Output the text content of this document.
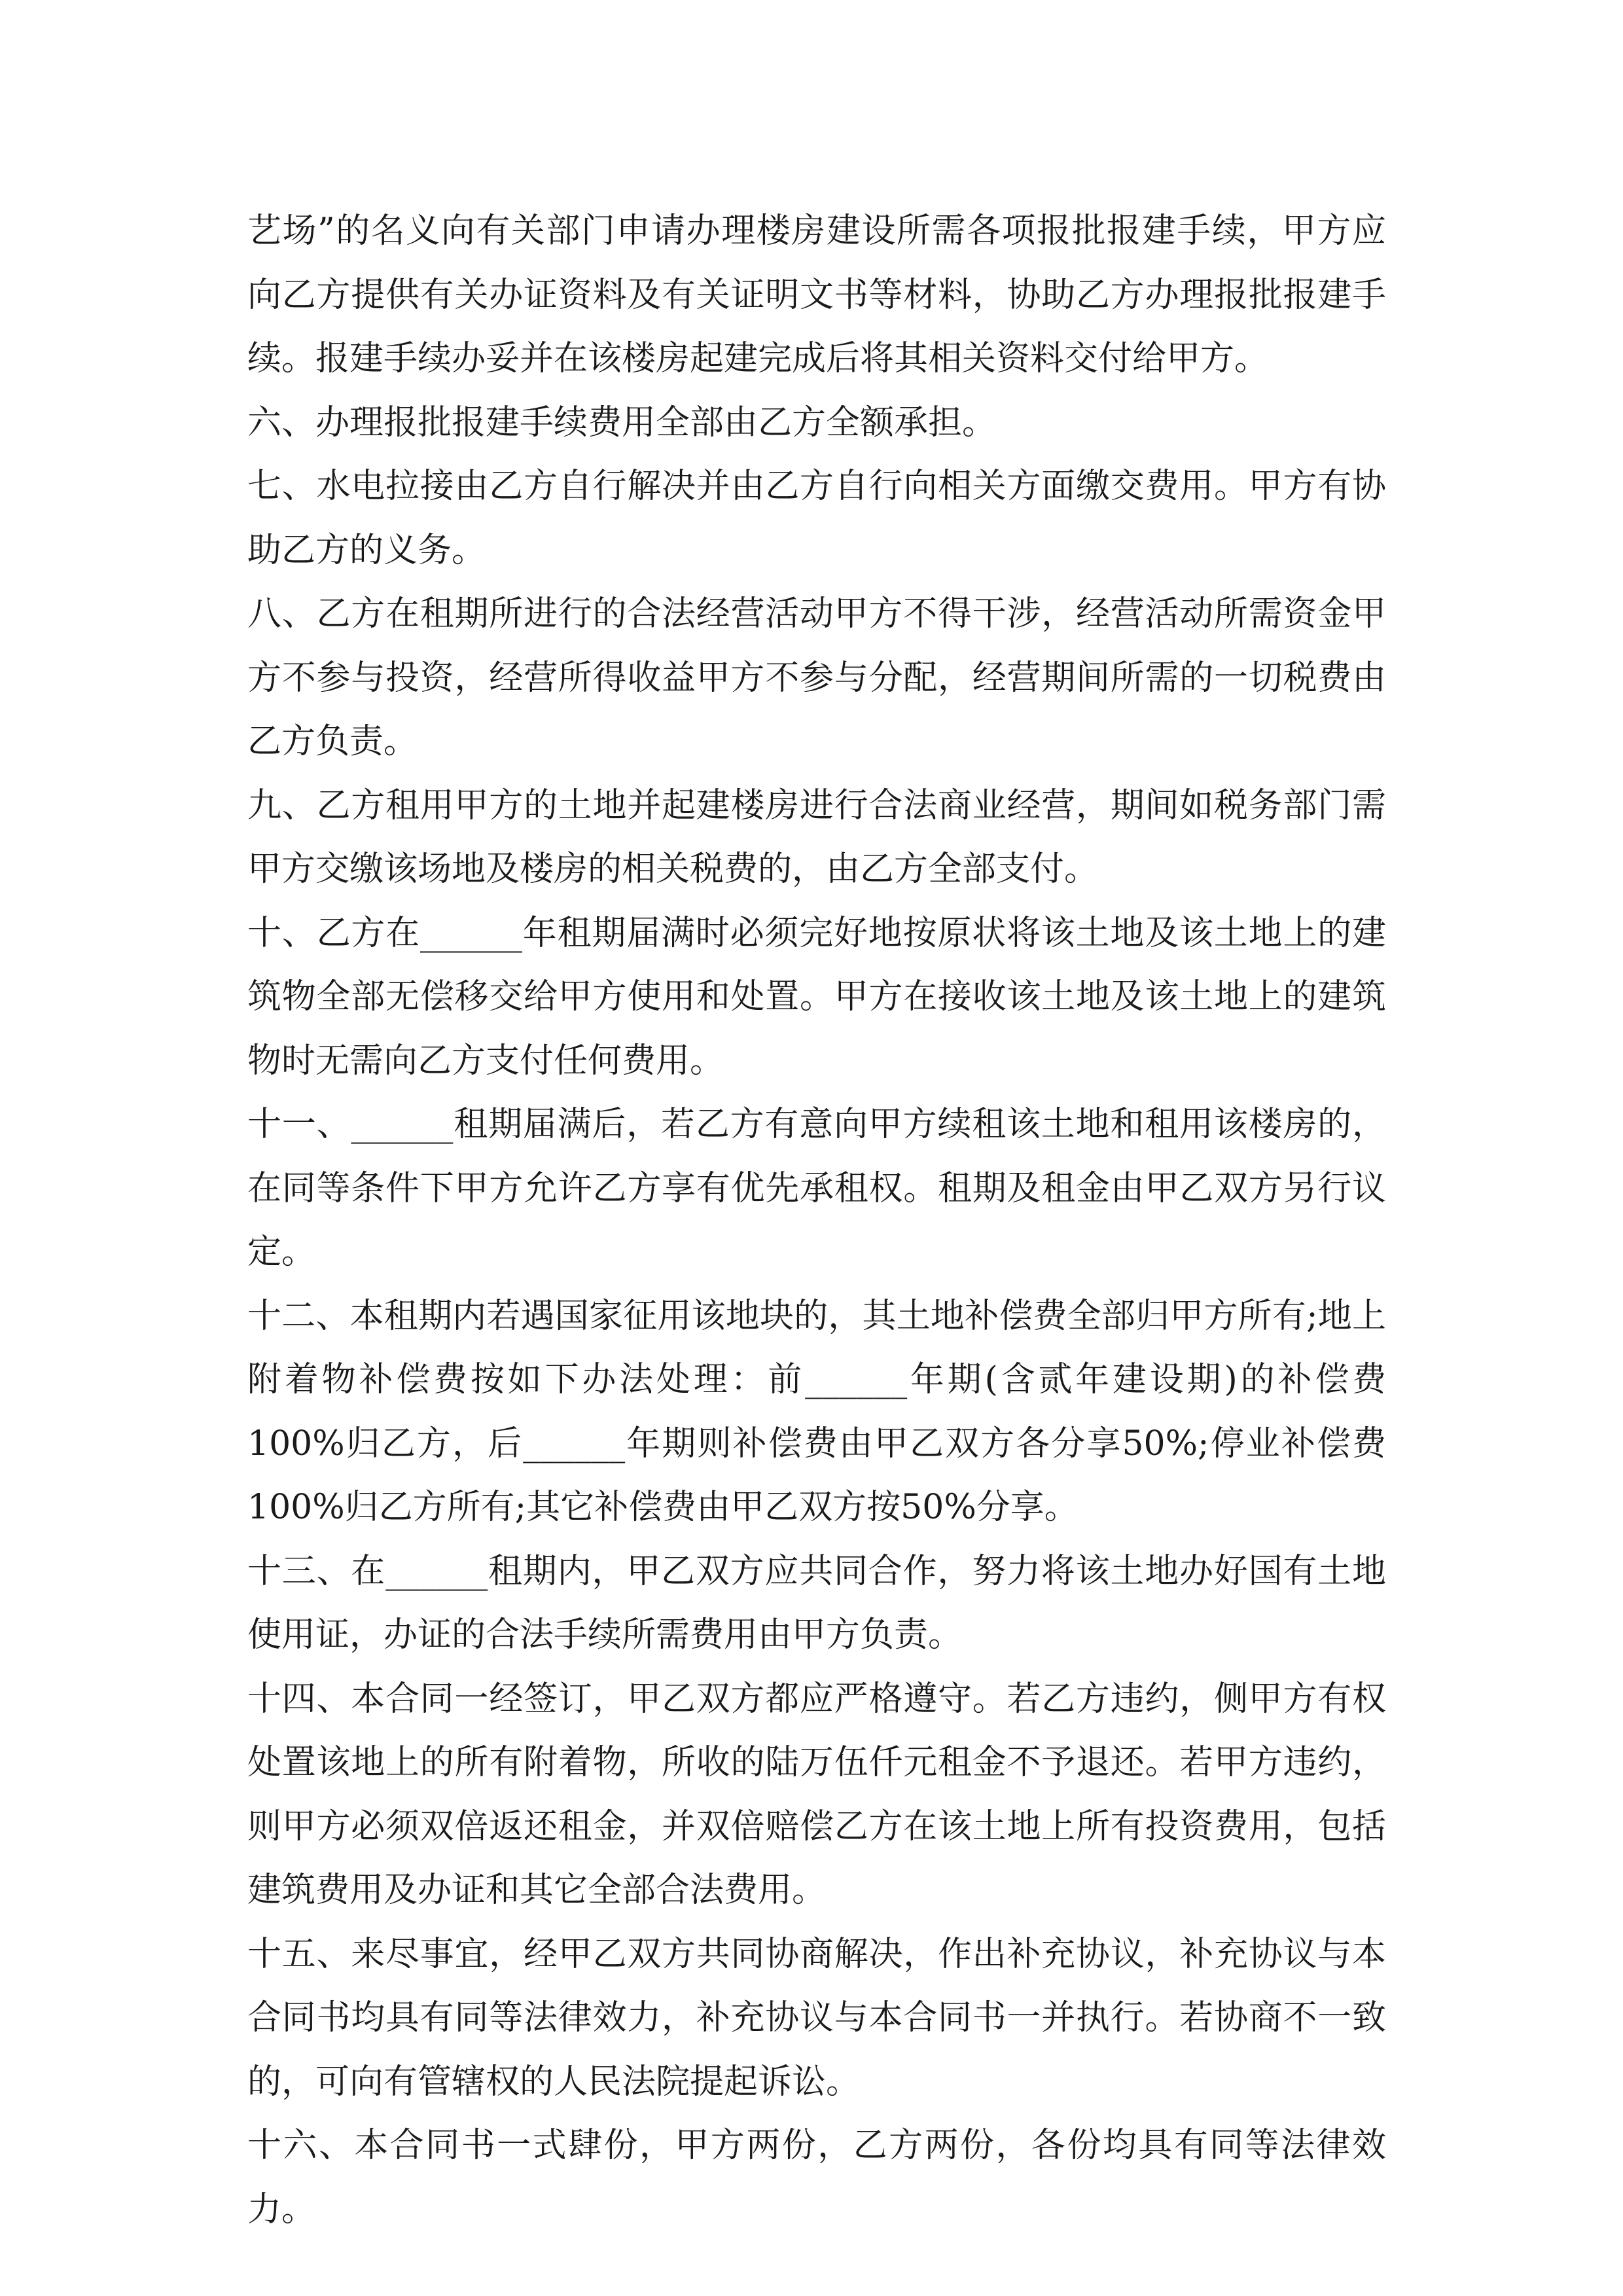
艺场”的名义向有关部门申请办理楼房建设所需各项报批报建手续，甲方应向乙方提供有关办证资料及有关证明文书等材料，协助乙方办理报批报建手续。报建手续办妥并在该楼房起建完成后将其相关资料交付给甲方。

六、办理报批报建手续费用全部由乙方全额承担。

七、水电拉接由乙方自行解决并由乙方自行向相关方面缴交费用。甲方有协助乙方的义务。

八、乙方在租期所进行的合法经营活动甲方不得干涉，经营活动所需资金甲方不参与投资，经营所得收益甲方不参与分配，经营期间所需的一切税费由乙方负责。

九、乙方租用甲方的土地并起建楼房进行合法商业经营，期间如税务部门需甲方交缴该场地及楼房的相关税费的，由乙方全部支付。

十、乙方在______年租期届满时必须完好地按原状将该土地及该土地上的建筑物全部无偿移交给甲方使用和处置。甲方在接收该土地及该土地上的建筑物时无需向乙方支付任何费用。

十一、______租期届满后，若乙方有意向甲方续租该土地和租用该楼房的，在同等条件下甲方允许乙方享有优先承租权。租期及租金由甲乙双方另行议定。

十二、本租期内若遇国家征用该地块的，其土地补偿费全部归甲方所有;地上附着物补偿费按如下办法处理：前______年期(含贰年建设期)的补偿费100%归乙方，后______年期则补偿费由甲乙双方各分享50%;停业补偿费100%归乙方所有;其它补偿费由甲乙双方按50%分享。

十三、在______租期内，甲乙双方应共同合作，努力将该土地办好国有土地使用证，办证的合法手续所需费用由甲方负责。

十四、本合同一经签订，甲乙双方都应严格遵守。若乙方违约，侧甲方有权处置该地上的所有附着物，所收的陆万伍仟元租金不予退还。若甲方违约，则甲方必须双倍返还租金，并双倍赔偿乙方在该土地上所有投资费用，包括建筑费用及办证和其它全部合法费用。

十五、来尽事宜，经甲乙双方共同协商解决，作出补充协议，补充协议与本合同书均具有同等法律效力，补充协议与本合同书一并执行。若协商不一致的，可向有管辖权的人民法院提起诉讼。

十六、本合同书一式肆份，甲方两份，乙方两份，各份均具有同等法律效力。
